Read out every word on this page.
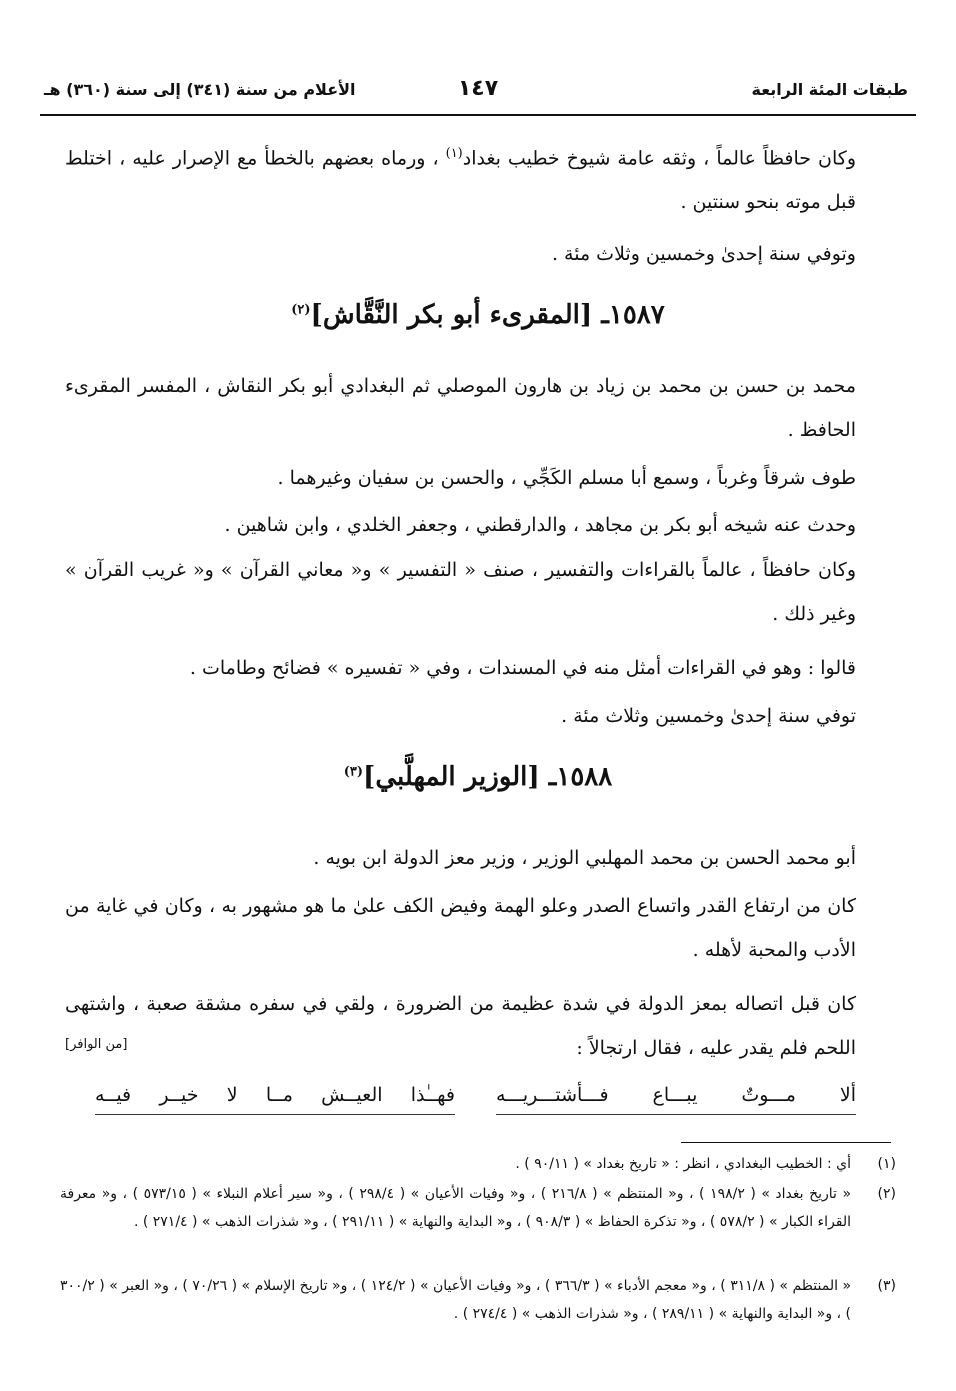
طبقات المئة الرابعة
١٤٧
الأعلام من سنة (٣٤١) إلى سنة (٣٦٠) هـ
وكان حافظاً عالماً ، وثقه عامة شيوخ خطيب بغداد$^{(١)}$ ، ورماه بعضهم بالخطأ مع الإصرار عليه ، اختلط قبل موته بنحو سنتين .
وتوفي سنة إحدىٰ وخمسين وثلاث مئة .
١٥٨٧ـ [المقرىء أبو بكر النَّقَّاش]$^{(٢)}$
محمد بن حسن بن محمد بن زياد بن هارون الموصلي ثم البغدادي أبو بكر النقاش ، المفسر المقرىء الحافظ .
طوف شرقاً وغرباً ، وسمع أبا مسلم الكَجِّي ، والحسن بن سفيان وغيرهما .
وحدث عنه شيخه أبو بكر بن مجاهد ، والدارقطني ، وجعفر الخلدي ، وابن شاهين .
وكان حافظاً ، عالماً بالقراءات والتفسير ، صنف « التفسير » و« معاني القرآن » و« غريب القرآن » وغير ذلك .
قالوا : وهو في القراءات أمثل منه في المسندات ، وفي « تفسيره » فضائح وطامات .
توفي سنة إحدىٰ وخمسين وثلاث مئة .
١٥٨٨ـ [الوزير المهلَّبي]$^{(٣)}$
أبو محمد الحسن بن محمد المهلبي الوزير ، وزير معز الدولة ابن بويه .
كان من ارتفاع القدر واتساع الصدر وعلو الهمة وفيض الكف علىٰ ما هو مشهور به ، وكان في غاية من الأدب والمحبة لأهله .
كان قبل اتصاله بمعز الدولة في شدة عظيمة من الضرورة ، ولقي في سفره مشقة صعبة ، واشتهى اللحم فلم يقدر عليه ، فقال ارتجالاً :
[من الوافر]
ألا مـــوتٌ يبـــاع فـــأشتـــريـــه
فهــٰذا العيــش مــا لا خيــر فيــه
(١)
أي : الخطيب البغدادي ، انظر : « تاريخ بغداد » ( ٩٠/١١ ) .
(٢)
« تاريخ بغداد » ( ١٩٨/٢ ) ، و« المنتظم » ( ٢١٦/٨ ) ، و« وفيات الأعيان » ( ٢٩٨/٤ ) ، و« سير أعلام النبلاء » ( ٥٧٣/١٥ ) ، و« معرفة القراء الكبار » ( ٥٧٨/٢ ) ، و« تذكرة الحفاظ » ( ٩٠٨/٣ ) ، و« البداية والنهاية » ( ٢٩١/١١ ) ، و« شذرات الذهب » ( ٢٧١/٤ ) .
(٣)
« المنتظم » ( ٣١١/٨ ) ، و« معجم الأدباء » ( ٣٦٦/٣ ) ، و« وفيات الأعيان » ( ١٢٤/٢ ) ، و« تاريخ الإسلام » ( ٧٠/٢٦ ) ، و« العبر » ( ٣٠٠/٢ ) ، و« البداية والنهاية » ( ٢٨٩/١١ ) ، و« شذرات الذهب » ( ٢٧٤/٤ ) .
